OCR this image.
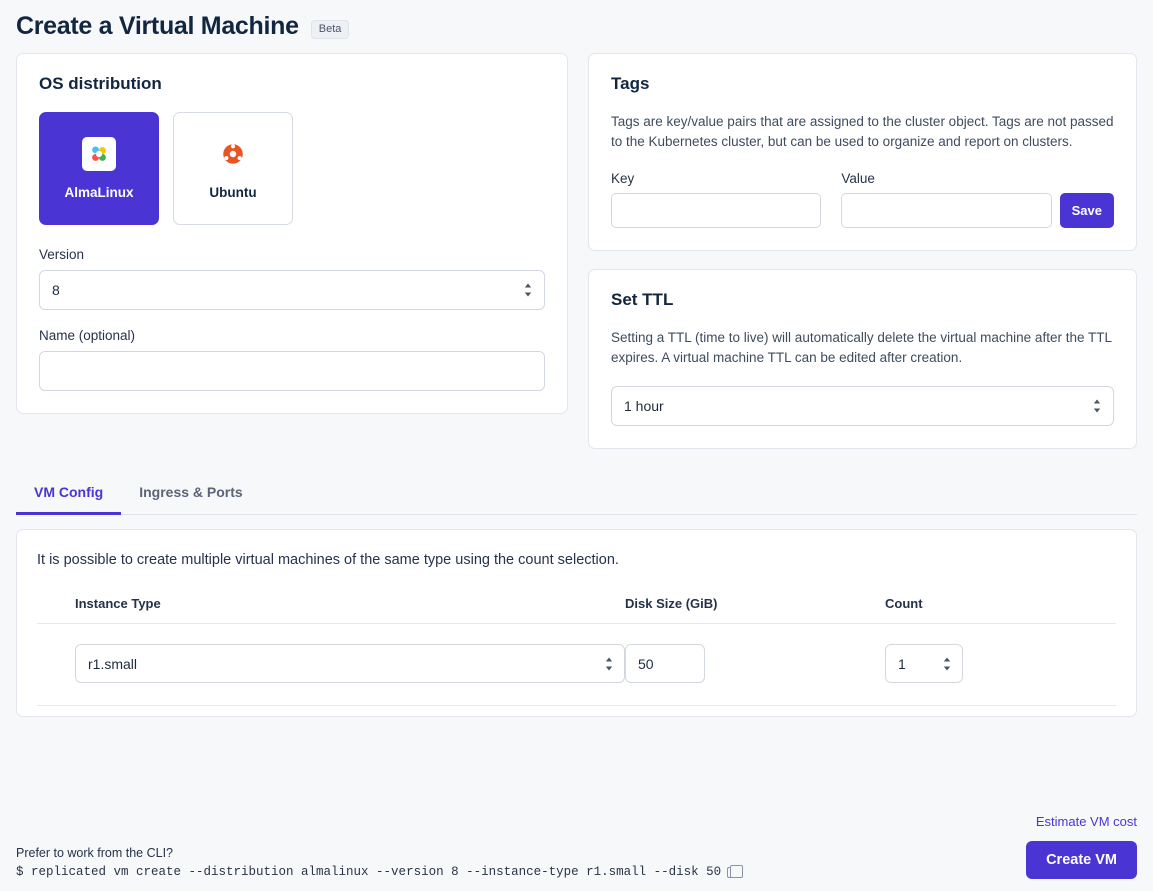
Create a Virtual Machine	Beta
OS distribution
AlmaLinux	Ubuntu
Version
8
Name (optional)
Tags
Tags are key/value pairs that are assigned to the cluster object. Tags are not passed to the Kubernetes cluster, but can be used to organize and report on clusters.
Key	Value
Save
Set TTL
Setting a TTL (time to live) will automatically delete the virtual machine after the TTL expires. A virtual machine TTL can be edited after creation.
1 hour
VM Config	Ingress & Ports
It is possible to create multiple virtual machines of the same type using the count selection.
Instance Type	Disk Size (GiB)	Count

r1.small	50	1
Prefer to work from the CLI?
$ replicated vm create --distribution almalinux --version 8 --instance-type r1.small --disk 50
Estimate VM cost
Create VM
